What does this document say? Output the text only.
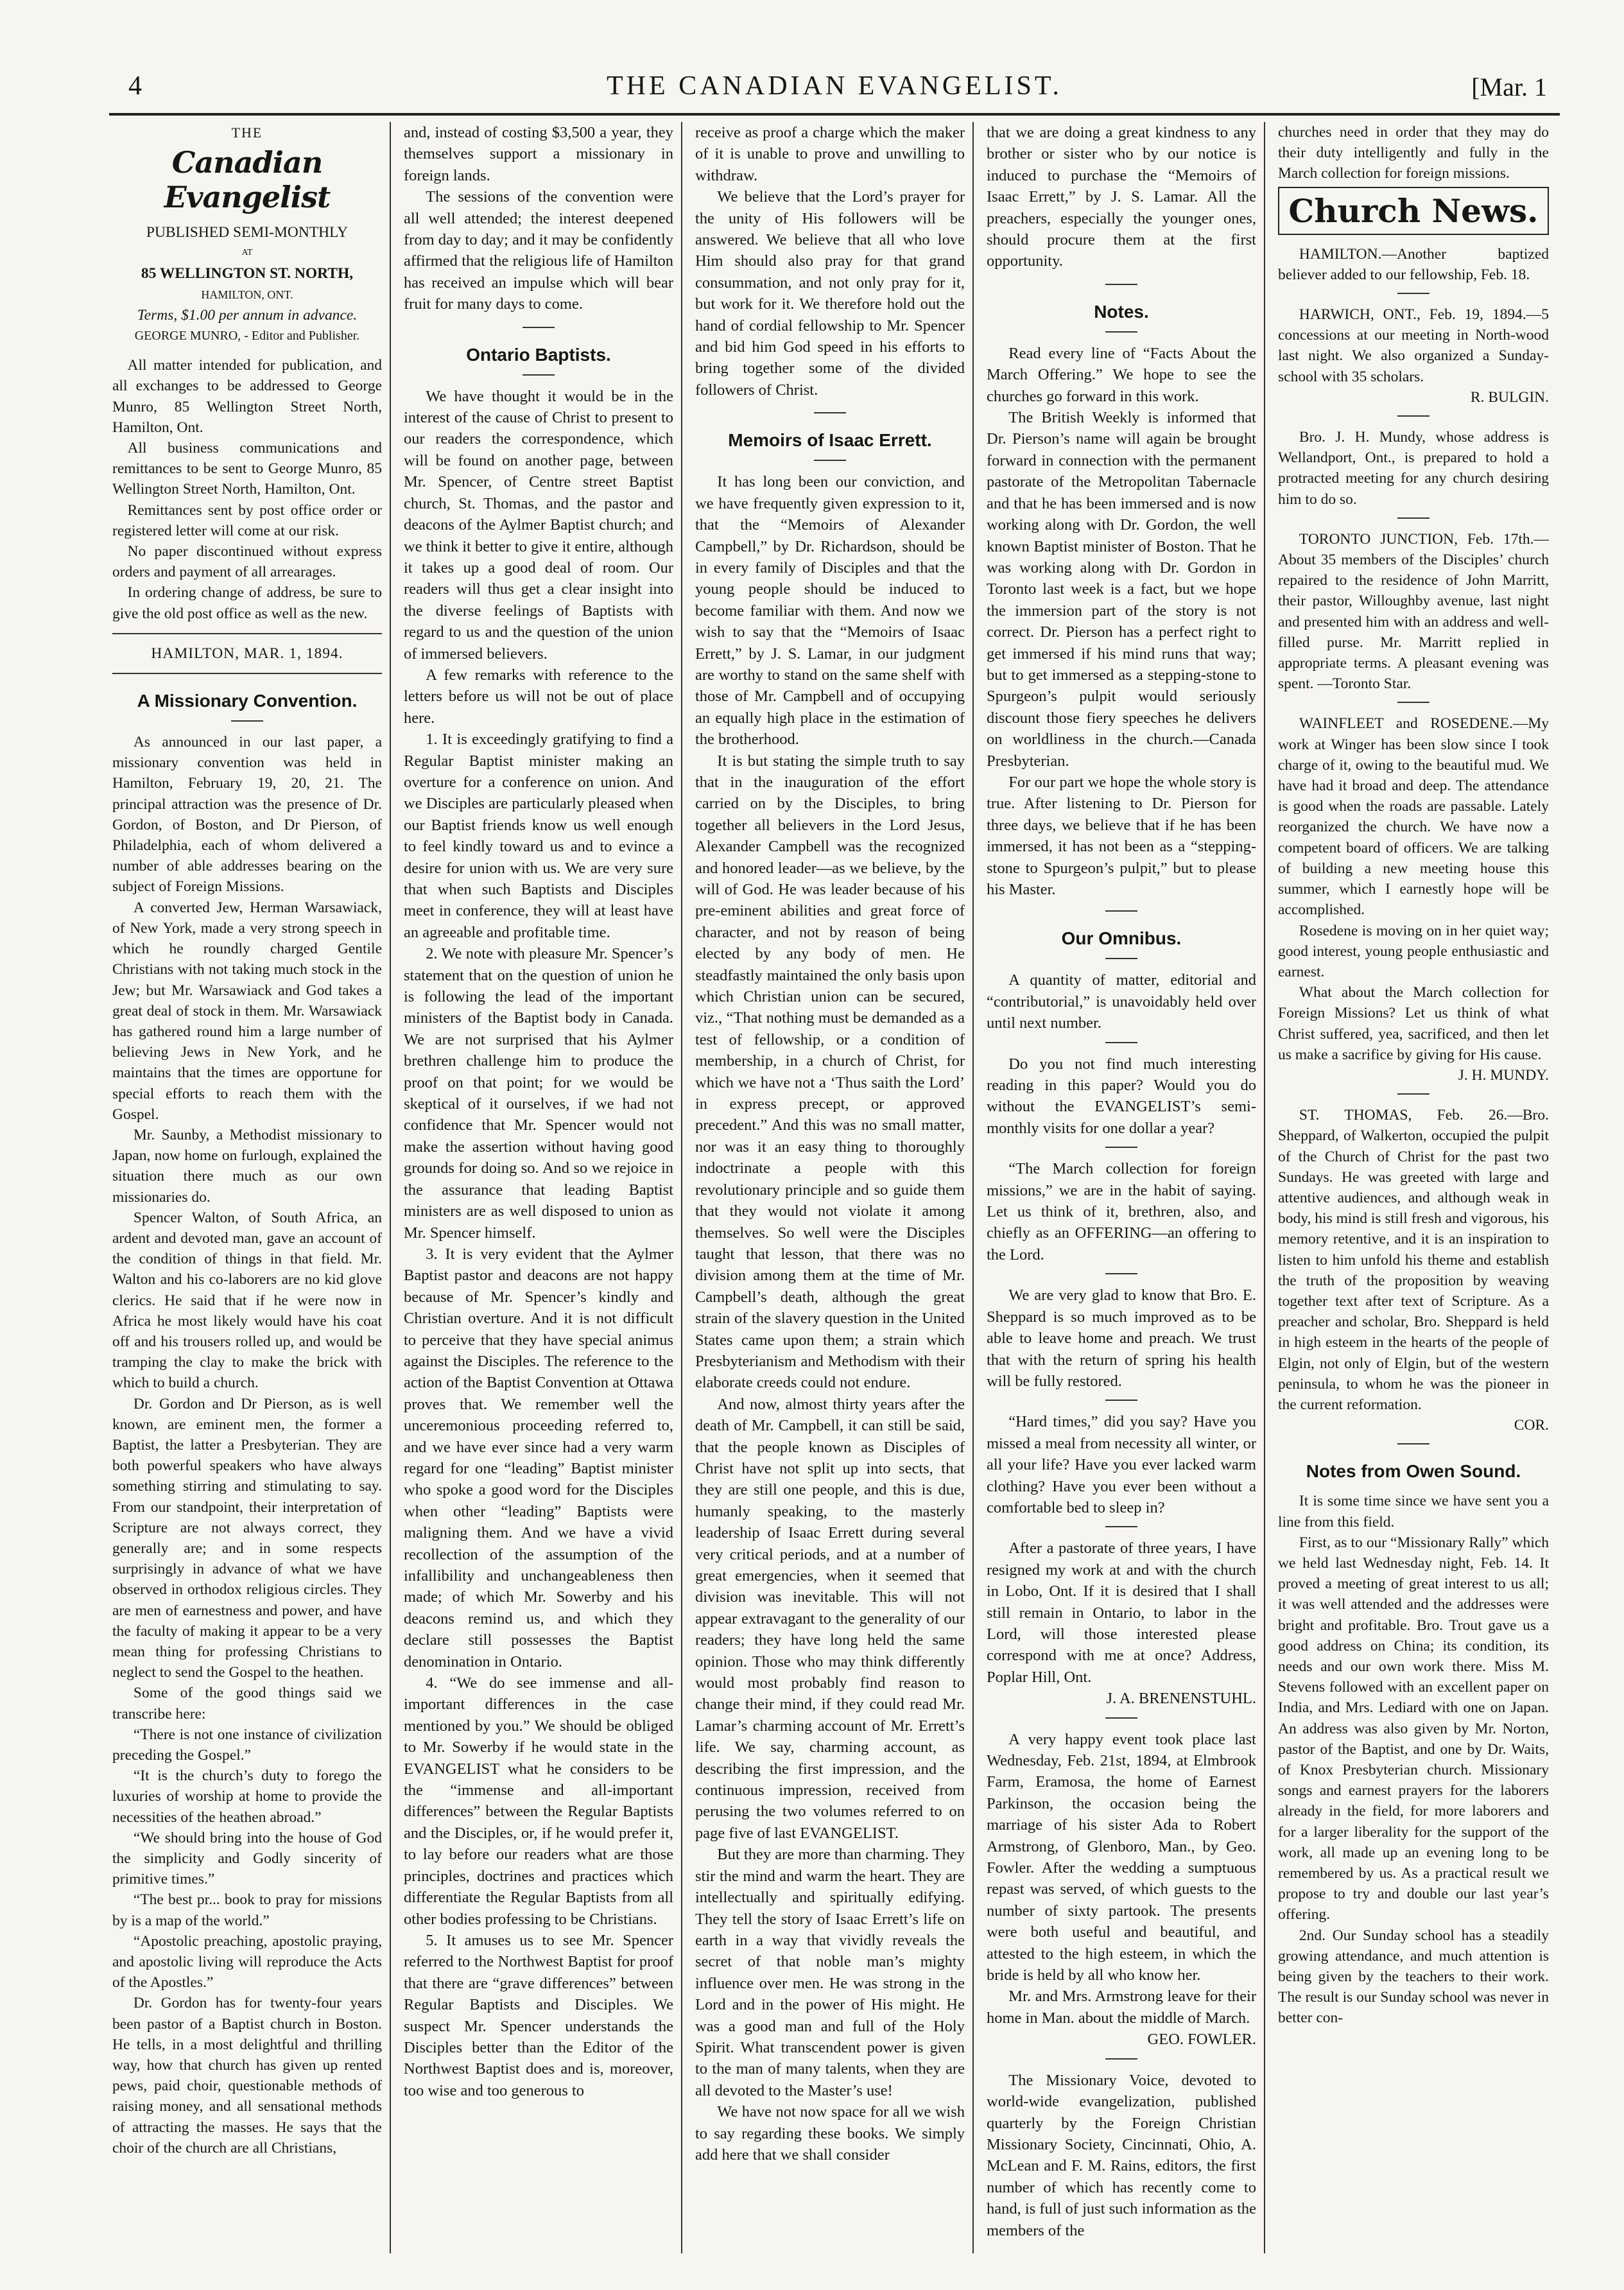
4	THE CANADIAN EVANGELIST.	[Mar. 1
THE
Canadian Evangelist

PUBLISHED SEMI-MONTHLY

AT

85 WELLINGTON ST. NORTH,

HAMILTON, ONT.

Terms, $1.00 per annum in advance.

GEORGE MUNRO, - Editor and Publisher.

All matter intended for publication, and all exchanges to be addressed to George Munro, 85 Wellington Street North, Hamilton, Ont.

All business communications and remittances to be sent to George Munro, 85 Wellington Street North, Hamilton, Ont.

Remittances sent by post office order or registered letter will come at our risk.

No paper discontinued without express orders and payment of all arrearages.

In ordering change of address, be sure to give the old post office as well as the new.

HAMILTON, MAR. 1, 1894.

A Missionary Convention.

As announced in our last paper, a missionary convention was held in Hamilton, February 19, 20, 21. The principal attraction was the presence of Dr. Gordon, of Boston, and Dr Pierson, of Philadelphia, each of whom delivered a number of able addresses bearing on the subject of Foreign Missions.

A converted Jew, Herman Warsawiack, of New York, made a very strong speech in which he roundly charged Gentile Christians with not taking much stock in the Jew; but Mr. Warsawiack and God takes a great deal of stock in them. Mr. Warsawiack has gathered round him a large number of believing Jews in New York, and he maintains that the times are opportune for special efforts to reach them with the Gospel.

Mr. Saunby, a Methodist missionary to Japan, now home on furlough, explained the situation there much as our own missionaries do.

Spencer Walton, of South Africa, an ardent and devoted man, gave an account of the condition of things in that field. Mr. Walton and his co-laborers are no kid glove clerics. He said that if he were now in Africa he most likely would have his coat off and his trousers rolled up, and would be tramping the clay to make the brick with which to build a church.

Dr. Gordon and Dr Pierson, as is well known, are eminent men, the former a Baptist, the latter a Presbyterian. They are both powerful speakers who have always something stirring and stimulating to say. From our standpoint, their interpretation of Scripture are not always correct, they generally are; and in some respects surprisingly in advance of what we have observed in orthodox religious circles. They are men of earnestness and power, and have the faculty of making it appear to be a very mean thing for professing Christians to neglect to send the Gospel to the heathen.

Some of the good things said we transcribe here:

“There is not one instance of civilization preceding the Gospel.”

“It is the church’s duty to forego the luxuries of worship at home to provide the necessities of the heathen abroad.”

“We should bring into the house of God the simplicity and Godly sincerity of primitive times.”

“The best pr... book to pray for missions by is a map of the world.”

“Apostolic preaching, apostolic praying, and apostolic living will reproduce the Acts of the Apostles.”

Dr. Gordon has for twenty-four years been pastor of a Baptist church in Boston. He tells, in a most delightful and thrilling way, how that church has given up rented pews, paid choir, questionable methods of raising money, and all sensational methods of attracting the masses. He says that the choir of the church are all Christians,

and, instead of costing $3,500 a year, they themselves support a missionary in foreign lands.

The sessions of the convention were all well attended; the interest deepened from day to day; and it may be confidently affirmed that the religious life of Hamilton has received an impulse which will bear fruit for many days to come.

Ontario Baptists.

We have thought it would be in the interest of the cause of Christ to present to our readers the correspondence, which will be found on another page, between Mr. Spencer, of Centre street Baptist church, St. Thomas, and the pastor and deacons of the Aylmer Baptist church; and we think it better to give it entire, although it takes up a good deal of room. Our readers will thus get a clear insight into the diverse feelings of Baptists with regard to us and the question of the union of immersed believers.

A few remarks with reference to the letters before us will not be out of place here.

1. It is exceedingly gratifying to find a Regular Baptist minister making an overture for a conference on union. And we Disciples are particularly pleased when our Baptist friends know us well enough to feel kindly toward us and to evince a desire for union with us. We are very sure that when such Baptists and Disciples meet in conference, they will at least have an agreeable and profitable time.

2. We note with pleasure Mr. Spencer’s statement that on the question of union he is following the lead of the important ministers of the Baptist body in Canada. We are not surprised that his Aylmer brethren challenge him to produce the proof on that point; for we would be skeptical of it ourselves, if we had not confidence that Mr. Spencer would not make the assertion without having good grounds for doing so. And so we rejoice in the assurance that leading Baptist ministers are as well disposed to union as Mr. Spencer himself.

3. It is very evident that the Aylmer Baptist pastor and deacons are not happy because of Mr. Spencer’s kindly and Christian overture. And it is not difficult to perceive that they have special animus against the Disciples. The reference to the action of the Baptist Convention at Ottawa proves that. We remember well the unceremonious proceeding referred to, and we have ever since had a very warm regard for one “leading” Baptist minister who spoke a good word for the Disciples when other “leading” Baptists were maligning them. And we have a vivid recollection of the assumption of the infallibility and unchangeableness then made; of which Mr. Sowerby and his deacons remind us, and which they declare still possesses the Baptist denomination in Ontario.

4. “We do see immense and all-important differences in the case mentioned by you.” We should be obliged to Mr. Sowerby if he would state in the EVANGELIST what he considers to be the “immense and all-important differences” between the Regular Baptists and the Disciples, or, if he would prefer it, to lay before our readers what are those principles, doctrines and practices which differentiate the Regular Baptists from all other bodies professing to be Christians.

5. It amuses us to see Mr. Spencer referred to the Northwest Baptist for proof that there are “grave differences” between Regular Baptists and Disciples. We suspect Mr. Spencer understands the Disciples better than the Editor of the Northwest Baptist does and is, moreover, too wise and too generous to

receive as proof a charge which the maker of it is unable to prove and unwilling to withdraw.

We believe that the Lord’s prayer for the unity of His followers will be answered. We believe that all who love Him should also pray for that grand consummation, and not only pray for it, but work for it. We therefore hold out the hand of cordial fellowship to Mr. Spencer and bid him God speed in his efforts to bring together some of the divided followers of Christ.

Memoirs of Isaac Errett.

It has long been our conviction, and we have frequently given expression to it, that the “Memoirs of Alexander Campbell,” by Dr. Richardson, should be in every family of Disciples and that the young people should be induced to become familiar with them. And now we wish to say that the “Memoirs of Isaac Errett,” by J. S. Lamar, in our judgment are worthy to stand on the same shelf with those of Mr. Campbell and of occupying an equally high place in the estimation of the brotherhood.

It is but stating the simple truth to say that in the inauguration of the effort carried on by the Disciples, to bring together all believers in the Lord Jesus, Alexander Campbell was the recognized and honored leader—as we believe, by the will of God. He was leader because of his pre-eminent abilities and great force of character, and not by reason of being elected by any body of men. He steadfastly maintained the only basis upon which Christian union can be secured, viz., “That nothing must be demanded as a test of fellowship, or a condition of membership, in a church of Christ, for which we have not a ‘Thus saith the Lord’ in express precept, or approved precedent.” And this was no small matter, nor was it an easy thing to thoroughly indoctrinate a people with this revolutionary principle and so guide them that they would not violate it among themselves. So well were the Disciples taught that lesson, that there was no division among them at the time of Mr. Campbell’s death, although the great strain of the slavery question in the United States came upon them; a strain which Presbyterianism and Methodism with their elaborate creeds could not endure.

And now, almost thirty years after the death of Mr. Campbell, it can still be said, that the people known as Disciples of Christ have not split up into sects, that they are still one people, and this is due, humanly speaking, to the masterly leadership of Isaac Errett during several very critical periods, and at a number of great emergencies, when it seemed that division was inevitable. This will not appear extravagant to the generality of our readers; they have long held the same opinion. Those who may think differently would most probably find reason to change their mind, if they could read Mr. Lamar’s charming account of Mr. Errett’s life. We say, charming account, as describing the first impression, and the continuous impression, received from perusing the two volumes referred to on page five of last EVANGELIST.

But they are more than charming. They stir the mind and warm the heart. They are intellectually and spiritually edifying. They tell the story of Isaac Errett’s life on earth in a way that vividly reveals the secret of that noble man’s mighty influence over men. He was strong in the Lord and in the power of His might. He was a good man and full of the Holy Spirit. What transcendent power is given to the man of many talents, when they are all devoted to the Master’s use!

We have not now space for all we wish to say regarding these books. We simply add here that we shall consider

that we are doing a great kindness to any brother or sister who by our notice is induced to purchase the “Memoirs of Isaac Errett,” by J. S. Lamar. All the preachers, especially the younger ones, should procure them at the first opportunity.

Notes.

Read every line of “Facts About the March Offering.” We hope to see the churches go forward in this work.

The British Weekly is informed that Dr. Pierson’s name will again be brought forward in connection with the permanent pastorate of the Metropolitan Tabernacle and that he has been immersed and is now working along with Dr. Gordon, the well known Baptist minister of Boston. That he was working along with Dr. Gordon in Toronto last week is a fact, but we hope the immersion part of the story is not correct. Dr. Pierson has a perfect right to get immersed if his mind runs that way; but to get immersed as a stepping-stone to Spurgeon’s pulpit would seriously discount those fiery speeches he delivers on worldliness in the church.—Canada Presbyterian.

For our part we hope the whole story is true. After listening to Dr. Pierson for three days, we believe that if he has been immersed, it has not been as a “stepping-stone to Spurgeon’s pulpit,” but to please his Master.

Our Omnibus.

A quantity of matter, editorial and “contributorial,” is unavoidably held over until next number.

Do you not find much interesting reading in this paper? Would you do without the EVANGELIST’s semi-monthly visits for one dollar a year?

“The March collection for foreign missions,” we are in the habit of saying. Let us think of it, brethren, also, and chiefly as an OFFERING—an offering to the Lord.

We are very glad to know that Bro. E. Sheppard is so much improved as to be able to leave home and preach. We trust that with the return of spring his health will be fully restored.

“Hard times,” did you say? Have you missed a meal from necessity all winter, or all your life? Have you ever lacked warm clothing? Have you ever been without a comfortable bed to sleep in?

After a pastorate of three years, I have resigned my work at and with the church in Lobo, Ont. If it is desired that I shall still remain in Ontario, to labor in the Lord, will those interested please correspond with me at once? Address, Poplar Hill, Ont.

J. A. BRENENSTUHL.

A very happy event took place last Wednesday, Feb. 21st, 1894, at Elmbrook Farm, Eramosa, the home of Earnest Parkinson, the occasion being the marriage of his sister Ada to Robert Armstrong, of Glenboro, Man., by Geo. Fowler. After the wedding a sumptuous repast was served, of which guests to the number of sixty partook. The presents were both useful and beautiful, and attested to the high esteem, in which the bride is held by all who know her.

Mr. and Mrs. Armstrong leave for their home in Man. about the middle of March.

GEO. FOWLER.

The Missionary Voice, devoted to world-wide evangelization, published quarterly by the Foreign Christian Missionary Society, Cincinnati, Ohio, A. McLean and F. M. Rains, editors, the first number of which has recently come to hand, is full of just such information as the members of the

churches need in order that they may do their duty intelligently and fully in the March collection for foreign missions.

Church News.

HAMILTON.—Another baptized believer added to our fellowship, Feb. 18.

HARWICH, ONT., Feb. 19, 1894.—5 concessions at our meeting in North-wood last night. We also organized a Sunday-school with 35 scholars.

R. BULGIN.

Bro. J. H. Mundy, whose address is Wellandport, Ont., is prepared to hold a protracted meeting for any church desiring him to do so.

TORONTO JUNCTION, Feb. 17th.—About 35 members of the Disciples’ church repaired to the residence of John Marritt, their pastor, Willoughby avenue, last night and presented him with an address and well-filled purse. Mr. Marritt replied in appropriate terms. A pleasant evening was spent. —Toronto Star.

WAINFLEET and ROSEDENE.—My work at Winger has been slow since I took charge of it, owing to the beautiful mud. We have had it broad and deep. The attendance is good when the roads are passable. Lately reorganized the church. We have now a competent board of officers. We are talking of building a new meeting house this summer, which I earnestly hope will be accomplished.

Rosedene is moving on in her quiet way; good interest, young people enthusiastic and earnest.

What about the March collection for Foreign Missions? Let us think of what Christ suffered, yea, sacrificed, and then let us make a sacrifice by giving for His cause.

J. H. MUNDY.

ST. THOMAS, Feb. 26.—Bro. Sheppard, of Walkerton, occupied the pulpit of the Church of Christ for the past two Sundays. He was greeted with large and attentive audiences, and although weak in body, his mind is still fresh and vigorous, his memory retentive, and it is an inspiration to listen to him unfold his theme and establish the truth of the proposition by weaving together text after text of Scripture. As a preacher and scholar, Bro. Sheppard is held in high esteem in the hearts of the people of Elgin, not only of Elgin, but of the western peninsula, to whom he was the pioneer in the current reformation.

COR.

Notes from Owen Sound.

It is some time since we have sent you a line from this field.

First, as to our “Missionary Rally” which we held last Wednesday night, Feb. 14. It proved a meeting of great interest to us all; it was well attended and the addresses were bright and profitable. Bro. Trout gave us a good address on China; its condition, its needs and our own work there. Miss M. Stevens followed with an excellent paper on India, and Mrs. Lediard with one on Japan. An address was also given by Mr. Norton, pastor of the Baptist, and one by Dr. Waits, of Knox Presbyterian church. Missionary songs and earnest prayers for the laborers already in the field, for more laborers and for a larger liberality for the support of the work, all made up an evening long to be remembered by us. As a practical result we propose to try and double our last year’s offering.

2nd. Our Sunday school has a steadily growing attendance, and much attention is being given by the teachers to their work. The result is our Sunday school was never in better con-
